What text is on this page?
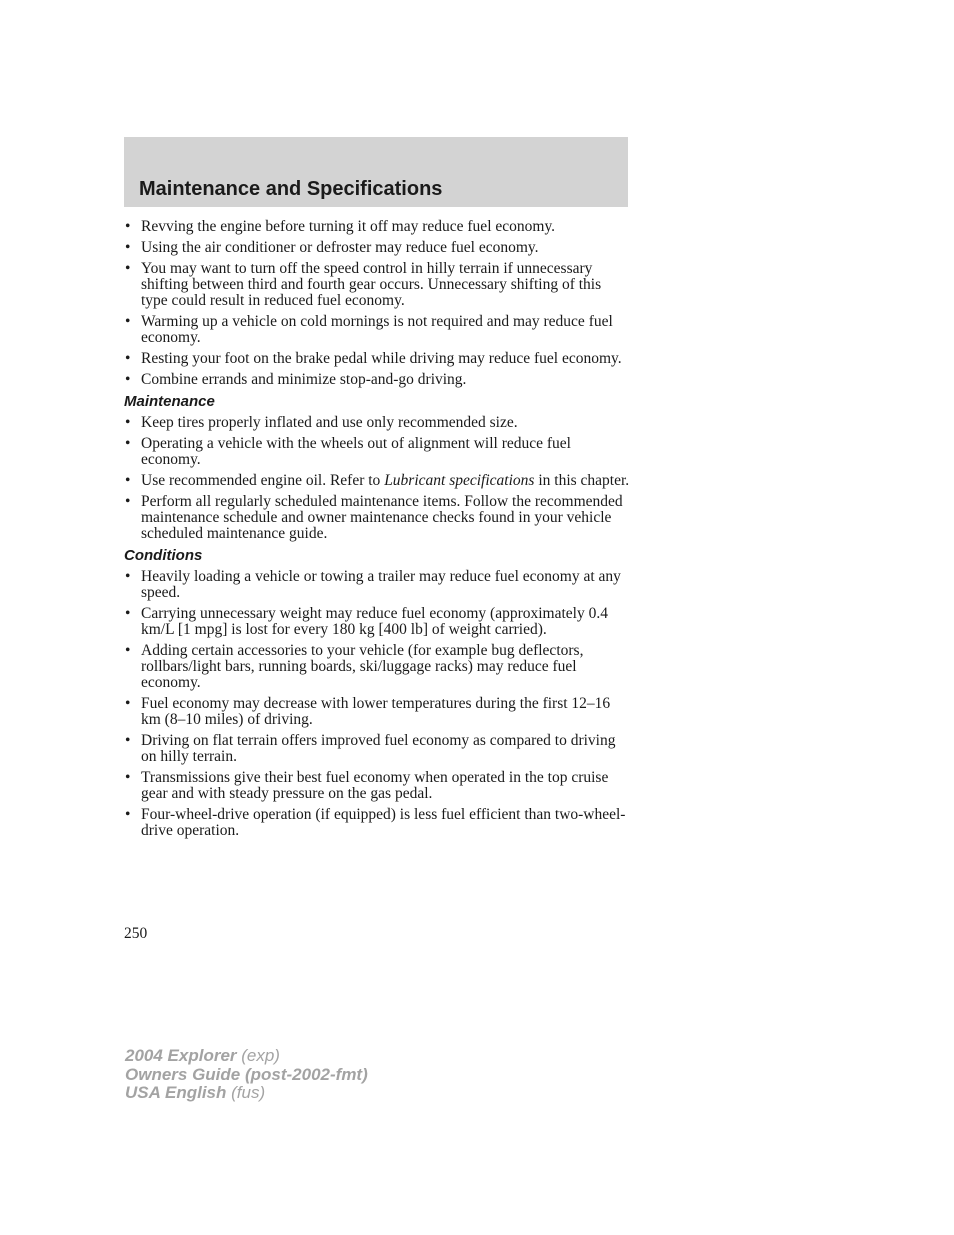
Maintenance and Specifications
• Revving the engine before turning it off may reduce fuel economy.
• Using the air conditioner or defroster may reduce fuel economy.
• You may want to turn off the speed control in hilly terrain if unnecessary shifting between third and fourth gear occurs. Unnecessary shifting of this type could result in reduced fuel economy.
• Warming up a vehicle on cold mornings is not required and may reduce fuel economy.
• Resting your foot on the brake pedal while driving may reduce fuel economy.
• Combine errands and minimize stop-and-go driving.
Maintenance
• Keep tires properly inflated and use only recommended size.
• Operating a vehicle with the wheels out of alignment will reduce fuel economy.
• Use recommended engine oil. Refer to Lubricant specifications in this chapter.
• Perform all regularly scheduled maintenance items. Follow the recommended maintenance schedule and owner maintenance checks found in your vehicle scheduled maintenance guide.
Conditions
• Heavily loading a vehicle or towing a trailer may reduce fuel economy at any speed.
• Carrying unnecessary weight may reduce fuel economy (approximately 0.4 km/L [1 mpg] is lost for every 180 kg [400 lb] of weight carried).
• Adding certain accessories to your vehicle (for example bug deflectors, rollbars/light bars, running boards, ski/luggage racks) may reduce fuel economy.
• Fuel economy may decrease with lower temperatures during the first 12–16 km (8–10 miles) of driving.
• Driving on flat terrain offers improved fuel economy as compared to driving on hilly terrain.
• Transmissions give their best fuel economy when operated in the top cruise gear and with steady pressure on the gas pedal.
• Four-wheel-drive operation (if equipped) is less fuel efficient than two-wheel-drive operation.
250
2004 Explorer (exp)
Owners Guide (post-2002-fmt)
USA English (fus)
